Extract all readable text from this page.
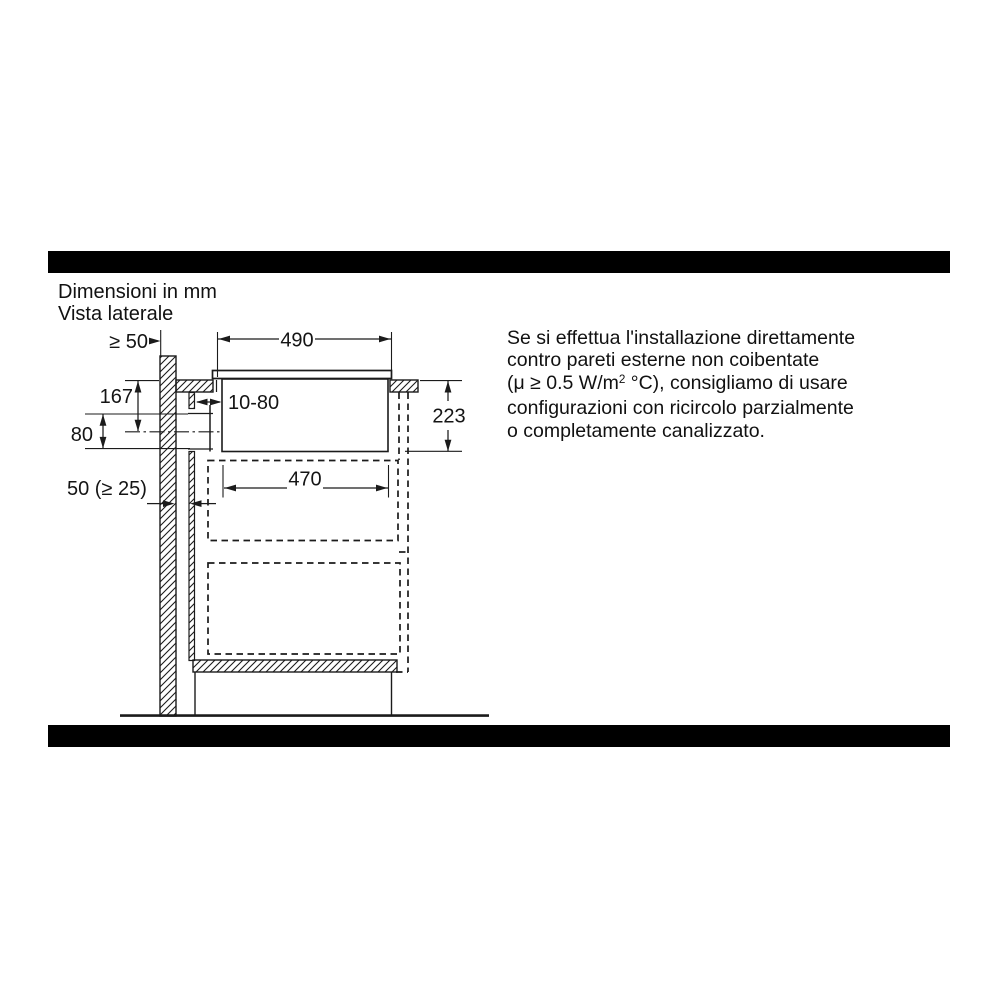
Dimensioni in mm
Vista laterale
≥ 50	490
167
80
10-80
223
50 (≥ 25)	470
Se si effettua l'installazione direttamente
contro pareti esterne non coibentate
(μ ≥ 0.5 $W/m^2$ °C), consigliamo di usare
configurazioni con ricircolo parzialmente
o completamente canalizzato.
